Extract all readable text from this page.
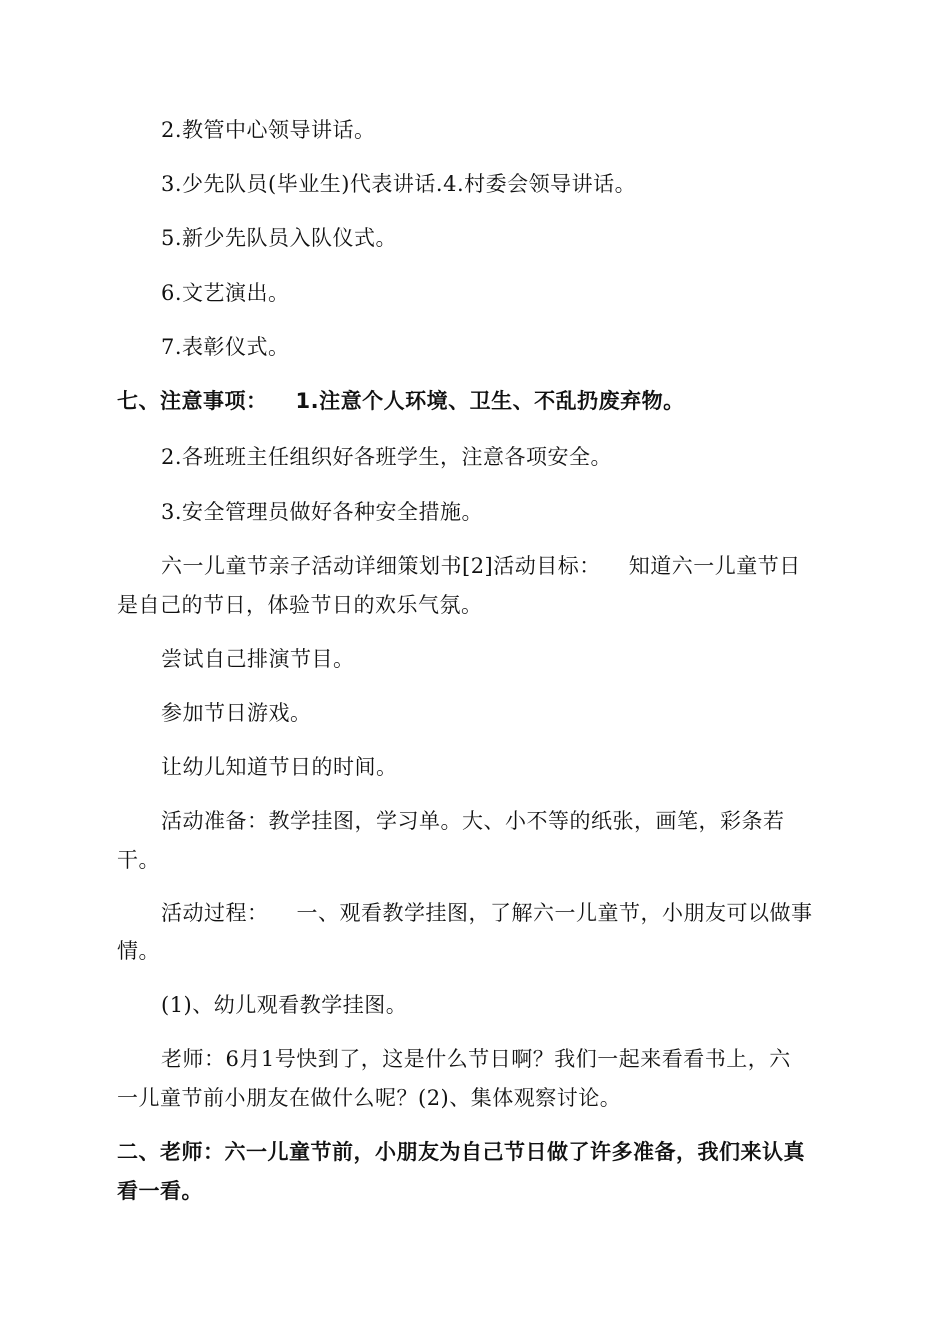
2.教管中心领导讲话。
3.少先队员(毕业生)代表讲话.4.村委会领导讲话。
5.新少先队员入队仪式。
6.文艺演出。
7.表彰仪式。
七、注意事项： 1.注意个人环境、卫生、不乱扔废弃物。
2.各班班主任组织好各班学生，注意各项安全。
3.安全管理员做好各种安全措施。
六一儿童节亲子活动详细策划书[2]活动目标： 知道六一儿童节日
是自己的节日，体验节日的欢乐气氛。
尝试自己排演节目。
参加节日游戏。
让幼儿知道节日的时间。
活动准备：教学挂图，学习单。大、小不等的纸张，画笔，彩条若
干。
活动过程： 一、观看教学挂图，了解六一儿童节，小朋友可以做事
情。
(1)、幼儿观看教学挂图。
老师：6月1号快到了，这是什么节日啊？我们一起来看看书上，六
一儿童节前小朋友在做什么呢？(2)、集体观察讨论。
二、老师：六一儿童节前，小朋友为自己节日做了许多准备，我们来认真
看一看。
